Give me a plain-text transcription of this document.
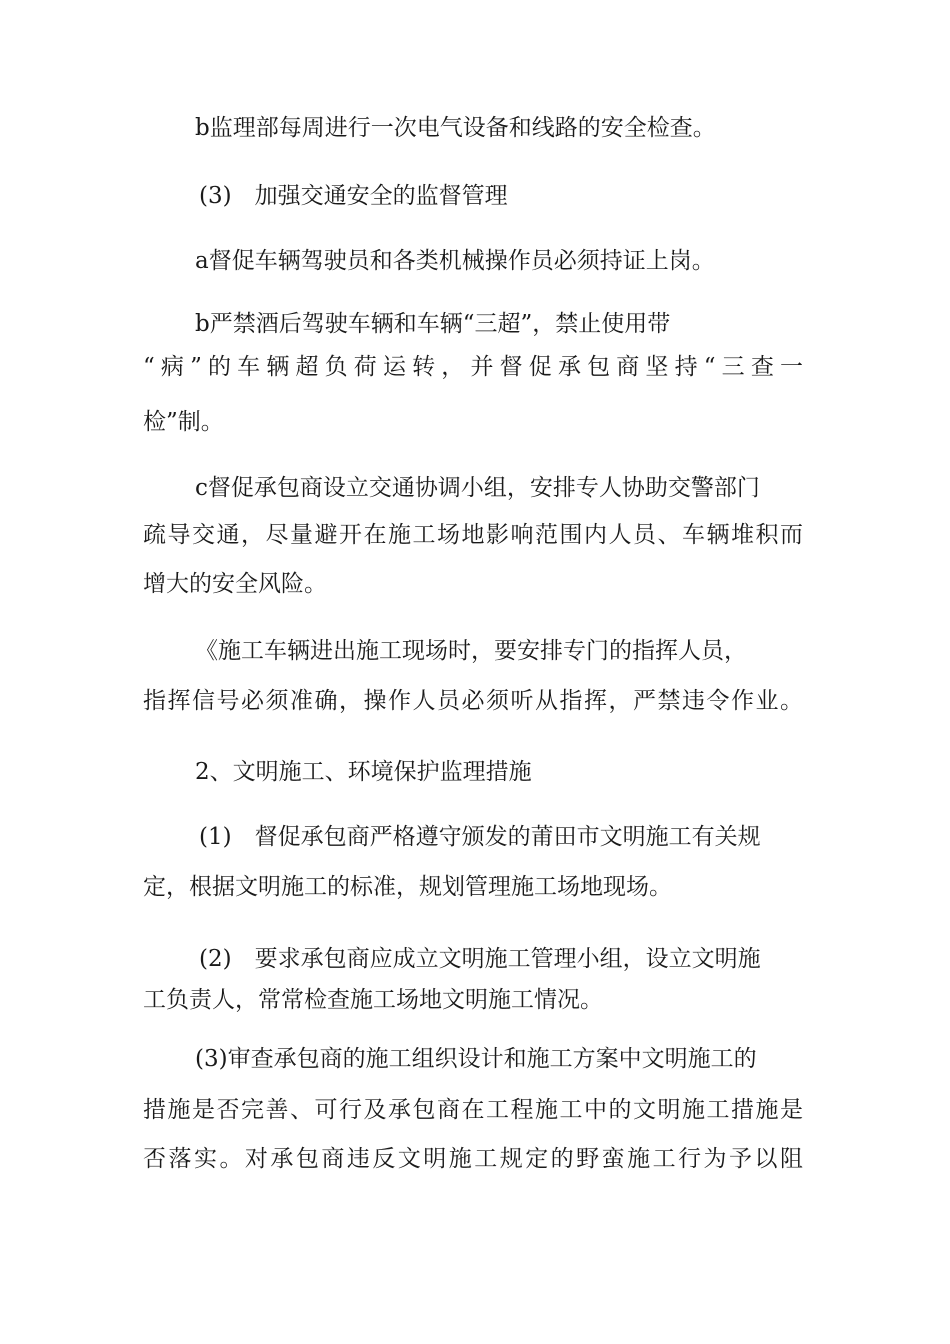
b监理部每周进行一次电气设备和线路的安全检查。

(3)　加强交通安全的监督管理

a督促车辆驾驶员和各类机械操作员必须持证上岗。

b严禁酒后驾驶车辆和车辆“三超”，禁止使用带

“病”的车辆超负荷运转，并督促承包商坚持“三查一

检”制。

c督促承包商设立交通协调小组，安排专人协助交警部门

疏导交通，尽量避开在施工场地影响范围内人员、车辆堆积而

增大的安全风险。

《施工车辆进出施工现场时，要安排专门的指挥人员，

指挥信号必须准确，操作人员必须听从指挥，严禁违令作业。

2、文明施工、环境保护监理措施

(1)　督促承包商严格遵守颁发的莆田市文明施工有关规

定，根据文明施工的标准，规划管理施工场地现场。

(2)　要求承包商应成立文明施工管理小组，设立文明施

工负责人，常常检查施工场地文明施工情况。

(3)审查承包商的施工组织设计和施工方案中文明施工的

措施是否完善、可行及承包商在工程施工中的文明施工措施是

否落实。对承包商违反文明施工规定的野蛮施工行为予以阻
